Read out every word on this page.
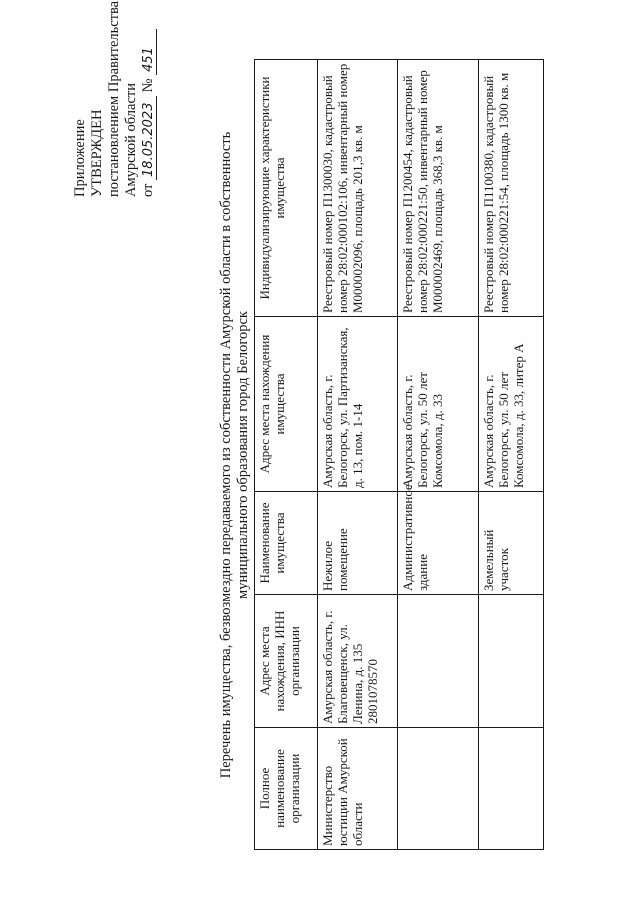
Приложение УТВЕРЖДЕН постановлением Правительства Амурской области от 18.05.2023 № 451
Перечень имущества, безвозмездно передаваемого из собственности Амурской области в собственность муниципального образования город Белогорск
Полное наименование организации	Адрес места нахождения, ИНН организации	Наименование имущества	Адрес места нахождения имущества	Индивидуализирующие характеристики имущества
Министерство юстиции Амурской области	Амурская область, г. Благовещенск, ул. Ленина, д. 135 2801078570	Нежилое помещение	Амурская область, г. Белогорск, ул. Партизанская, д. 13, пом. 1-14	Реестровый номер П1300030, кадастровый номер 28:02:000102:106, инвентарный номер М000002096, площадь 201,3 кв. м
		Административное здание	Амурская область, г. Белогорск, ул. 50 лет Комсомола, д. 33	Реестровый номер П1200454, кадастровый номер 28:02:000221:50, инвентарный номер М000002469, площадь 368,3 кв. м
		Земельный участок	Амурская область, г. Белогорск, ул. 50 лет Комсомола, д. 33, литер А	Реестровый номер П1100380, кадастровый номер 28:02:000221:54, площадь 1300 кв. м
